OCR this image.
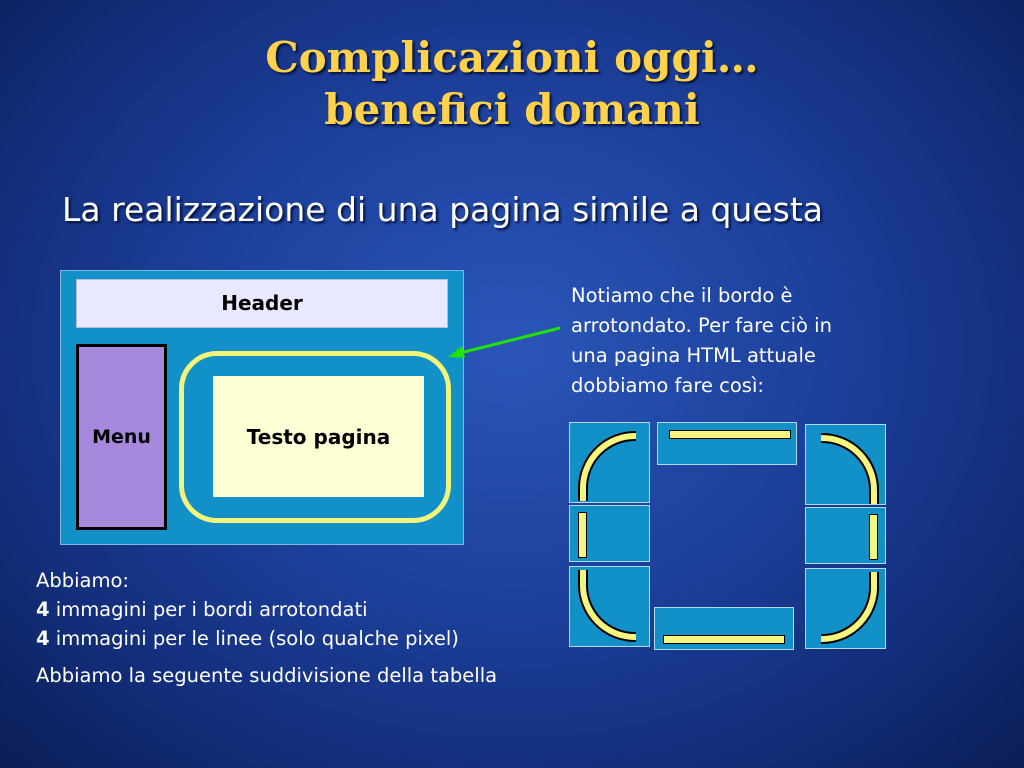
Complicazioni oggi…
benefici domani
La realizzazione di una pagina simile a questa
Header
Menu	Testo pagina
Notiamo che il bordo è
arrotondato. Per fare ciò in
una pagina HTML attuale
dobbiamo fare così:
Abbiamo:
4 immagini per i bordi arrotondati
4 immagini per le linee (solo qualche pixel)
Abbiamo la seguente suddivisione della tabella
